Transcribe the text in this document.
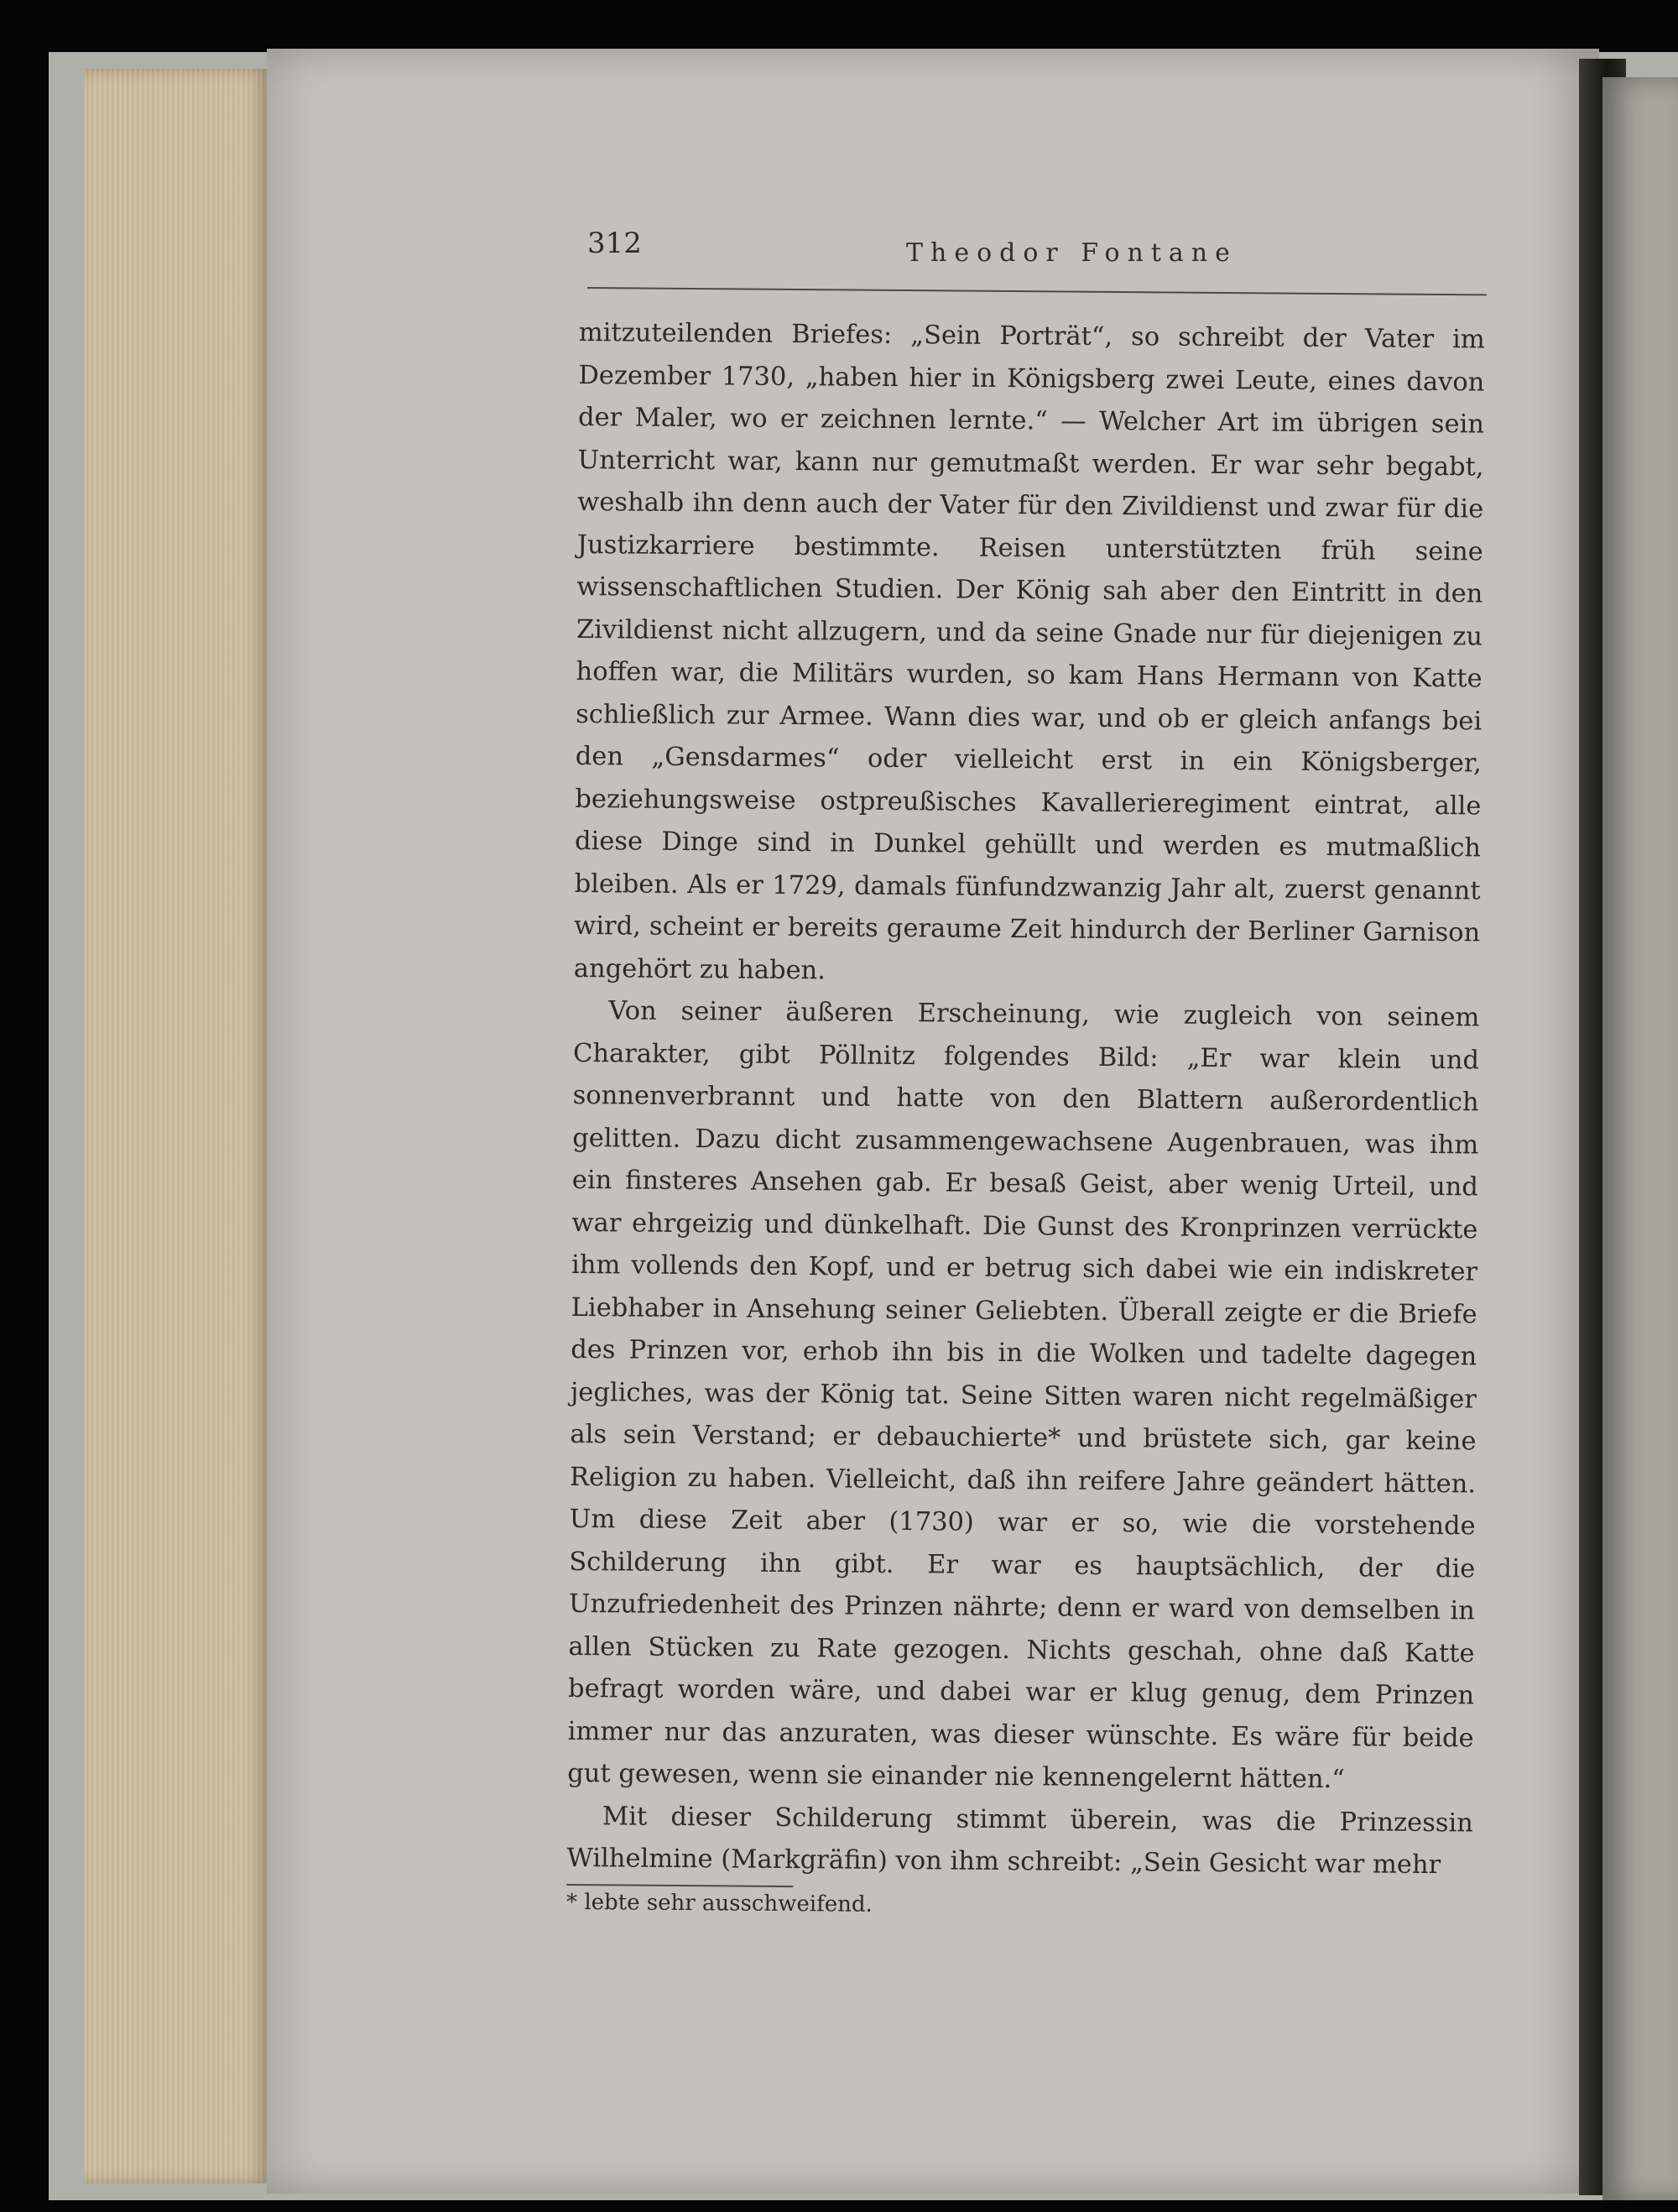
312	Theodor Fontane

mitzuteilenden Briefes: „Sein Porträt“, so schreibt der Vater im Dezember 1730, „haben hier in Königsberg zwei Leute, eines davon der Maler, wo er zeichnen lernte.“ — Welcher Art im übrigen sein Unterricht war, kann nur gemutmaßt werden. Er war sehr begabt, weshalb ihn denn auch der Vater für den Zivildienst und zwar für die Justizkarriere bestimmte. Reisen unterstützten früh seine wissenschaftlichen Studien. Der König sah aber den Eintritt in den Zivildienst nicht allzugern, und da seine Gnade nur für diejenigen zu hoffen war, die Militärs wurden, so kam Hans Hermann von Katte schließlich zur Armee. Wann dies war, und ob er gleich anfangs bei den „Gensdarmes“ oder vielleicht erst in ein Königsberger, beziehungsweise ostpreußisches Kavallerieregiment eintrat, alle diese Dinge sind in Dunkel gehüllt und werden es mutmaßlich bleiben. Als er 1729, damals fünfundzwanzig Jahr alt, zuerst genannt wird, scheint er bereits geraume Zeit hindurch der Berliner Garnison angehört zu haben.

Von seiner äußeren Erscheinung, wie zugleich von seinem Charakter, gibt Pöllnitz folgendes Bild: „Er war klein und sonnenverbrannt und hatte von den Blattern außerordentlich gelitten. Dazu dicht zusammengewachsene Augenbrauen, was ihm ein finsteres Ansehen gab. Er besaß Geist, aber wenig Urteil, und war ehrgeizig und dünkelhaft. Die Gunst des Kronprinzen verrückte ihm vollends den Kopf, und er betrug sich dabei wie ein indiskreter Liebhaber in Ansehung seiner Geliebten. Überall zeigte er die Briefe des Prinzen vor, erhob ihn bis in die Wolken und tadelte dagegen jegliches, was der König tat. Seine Sitten waren nicht regelmäßiger als sein Verstand; er debauchierte* und brüstete sich, gar keine Religion zu haben. Vielleicht, daß ihn reifere Jahre geändert hätten. Um diese Zeit aber (1730) war er so, wie die vorstehende Schilderung ihn gibt. Er war es hauptsächlich, der die Unzufriedenheit des Prinzen nährte; denn er ward von demselben in allen Stücken zu Rate gezogen. Nichts geschah, ohne daß Katte befragt worden wäre, und dabei war er klug genug, dem Prinzen immer nur das anzuraten, was dieser wünschte. Es wäre für beide gut gewesen, wenn sie einander nie kennengelernt hätten.“

Mit dieser Schilderung stimmt überein, was die Prinzessin Wilhelmine (Markgräfin) von ihm schreibt: „Sein Gesicht war mehr

* lebte sehr ausschweifend.
